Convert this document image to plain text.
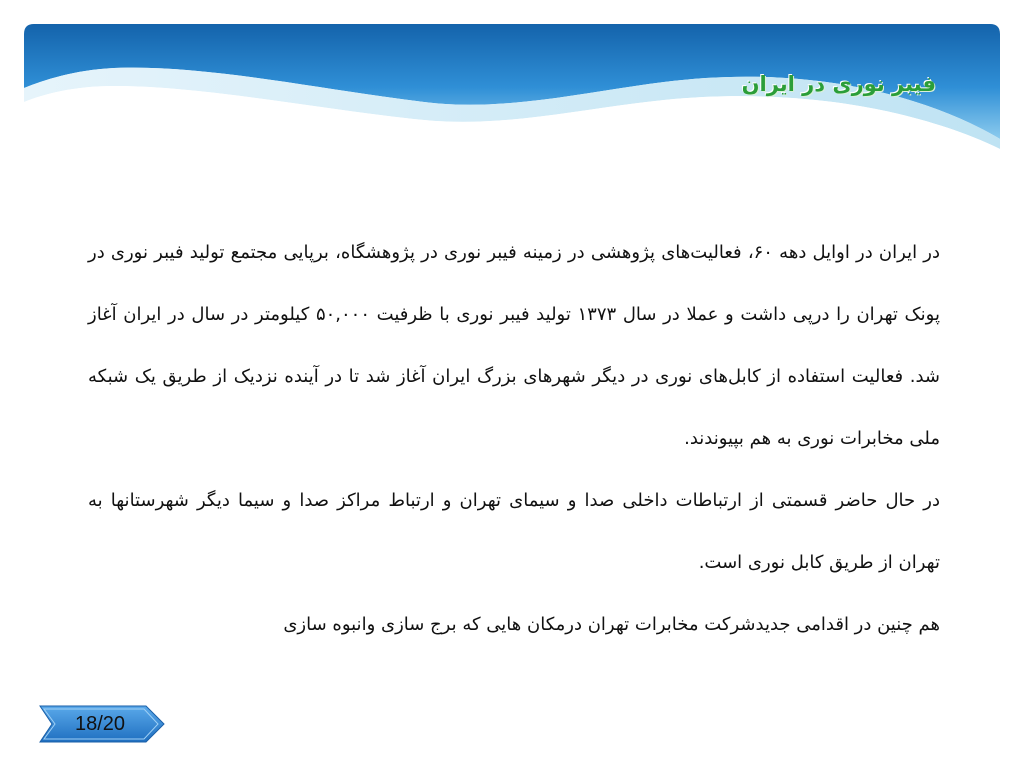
فیبر نوری در ایران

در ایران در اوایل دهه ۶۰، فعالیت‌های پژوهشی در زمینه فیبر نوری در پژوهشگاه، برپایی مجتمع تولید فیبر نوری در پونک تهران را درپی داشت و عملا در سال ۱۳۷۳ تولید فیبر نوری با ظرفیت ۵۰,۰۰۰ کیلومتر در سال در ایران آغاز شد. فعالیت استفاده از کابل‌های نوری در دیگر شهرهای بزرگ ایران آغاز شد تا در آینده نزدیک از طریق یک شبکه ملی مخابرات نوری به هم بپیوندند.

در حال حاضر قسمتی از ارتباطات داخلی صدا و سیمای تهران و ارتباط مراکز صدا و سیما دیگر شهرستانها به تهران از طریق کابل نوری است.

هم چنین در اقدامی جدیدشرکت مخابرات تهران درمکان هایی که برج سازی وانبوه سازی

18/20
